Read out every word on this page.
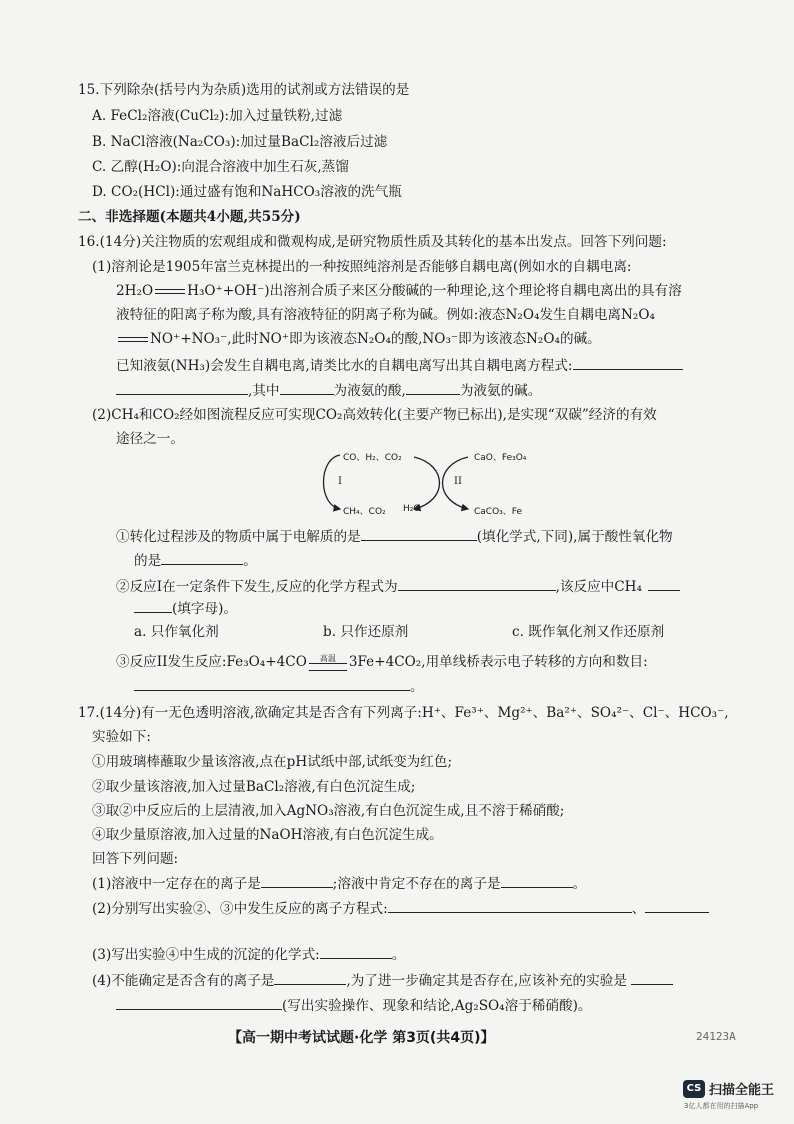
15.下列除杂(括号内为杂质)选用的试剂或方法错误的是
A. FeCl₂溶液(CuCl₂):加入过量铁粉,过滤
B. NaCl溶液(Na₂CO₃):加过量BaCl₂溶液后过滤
C. 乙醇(H₂O):向混合溶液中加生石灰,蒸馏
D. CO₂(HCl):通过盛有饱和NaHCO₃溶液的洗气瓶
二、非选择题(本题共4小题,共55分)
16.(14分)关注物质的宏观组成和微观构成,是研究物质性质及其转化的基本出发点。回答下列问题:
(1)溶剂论是1905年富兰克林提出的一种按照纯溶剂是否能够自耦电离(例如水的自耦电离:
2H₂O	H₃O⁺+OH⁻)出溶剂合质子来区分酸碱的一种理论,这个理论将自耦电离出的具有溶
液特征的阳离子称为酸,具有溶液特征的阴离子称为碱。例如:液态N₂O₄发生自耦电离N₂O₄
NO⁺+NO₃⁻,此时NO⁺即为该液态N₂O₄的酸,NO₃⁻即为该液态N₂O₄的碱。
已知液氨(NH₃)会发生自耦电离,请类比水的自耦电离写出其自耦电离方程式:
,其中	为液氨的酸,	为液氨的碱。
(2)CH₄和CO₂经如图流程反应可实现CO₂高效转化(主要产物已标出),是实现“双碳”经济的有效
途径之一。
CO、H₂、CO₂	CaO、Fe₃O₄
I	II
CH₄、CO₂ H₂O	CaCO₃、Fe
①转化过程涉及的物质中属于电解质的是	(填化学式,下同),属于酸性氧化物
的是	。
②反应I在一定条件下发生,反应的化学方程式为	,该反应中CH₄
(填字母)。
a. 只作氧化剂	b. 只作还原剂	c. 既作氧化剂又作还原剂
③反应II发生反应:Fe₃O₄+4CO	高温 3Fe+4CO₂,用单线桥表示电子转移的方向和数目:
。
17.(14分)有一无色透明溶液,欲确定其是否含有下列离子:H⁺、Fe³⁺、Mg²⁺、Ba²⁺、SO₄²⁻、Cl⁻、HCO₃⁻,
实验如下:
①用玻璃棒蘸取少量该溶液,点在pH试纸中部,试纸变为红色;
②取少量该溶液,加入过量BaCl₂溶液,有白色沉淀生成;
③取②中反应后的上层清液,加入AgNO₃溶液,有白色沉淀生成,且不溶于稀硝酸;
④取少量原溶液,加入过量的NaOH溶液,有白色沉淀生成。
回答下列问题:
(1)溶液中一定存在的离子是	;溶液中肯定不存在的离子是	。
(2)分别写出实验②、③中发生反应的离子方程式:	、
(3)写出实验④中生成的沉淀的化学式:	。
(4)不能确定是否含有的离子是	,为了进一步确定其是否存在,应该补充的实验是
(写出实验操作、现象和结论,Ag₂SO₄溶于稀硝酸)。
【高一期中考试试题·化学 第3页(共4页)】	24123A
CS 扫描全能王
3亿人都在用的扫描App
